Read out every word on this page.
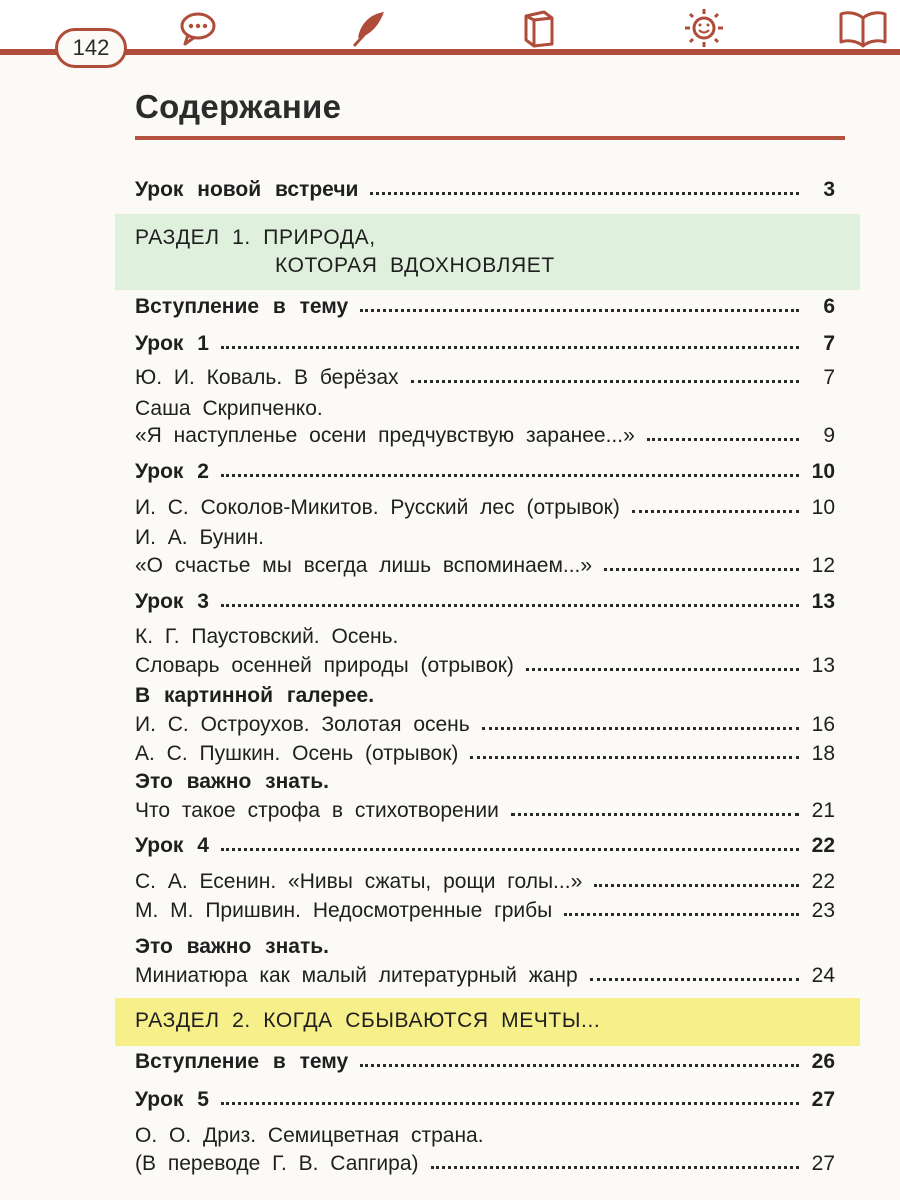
142
Содержание
Урок новой встречи	3
РАЗДЕЛ 1. ПРИРОДА,
КОТОРАЯ ВДОХНОВЛЯЕТ
Вступление в тему	6
Урок 1	7
Ю. И. Коваль. В берёзах	7
Саша Скрипченко.
«Я наступленье осени предчувствую заранее...»	9
Урок 2	10
И. С. Соколов-Микитов. Русский лес (отрывок)	10
И. А. Бунин.
«О счастье мы всегда лишь вспоминаем...»	12
Урок 3	13
К. Г. Паустовский. Осень.
Словарь осенней природы (отрывок)	13
В картинной галерее.
И. С. Остроухов. Золотая осень	16
А. С. Пушкин. Осень (отрывок)	18
Это важно знать.
Что такое строфа в стихотворении	21
Урок 4	22
С. А. Есенин. «Нивы сжаты, рощи голы...»	22
М. М. Пришвин. Недосмотренные грибы	23
Это важно знать.
Миниатюра как малый литературный жанр	24
РАЗДЕЛ 2. КОГДА СБЫВАЮТСЯ МЕЧТЫ...
Вступление в тему	26
Урок 5	27
О. О. Дриз. Семицветная страна.
(В переводе Г. В. Сапгира)	27
